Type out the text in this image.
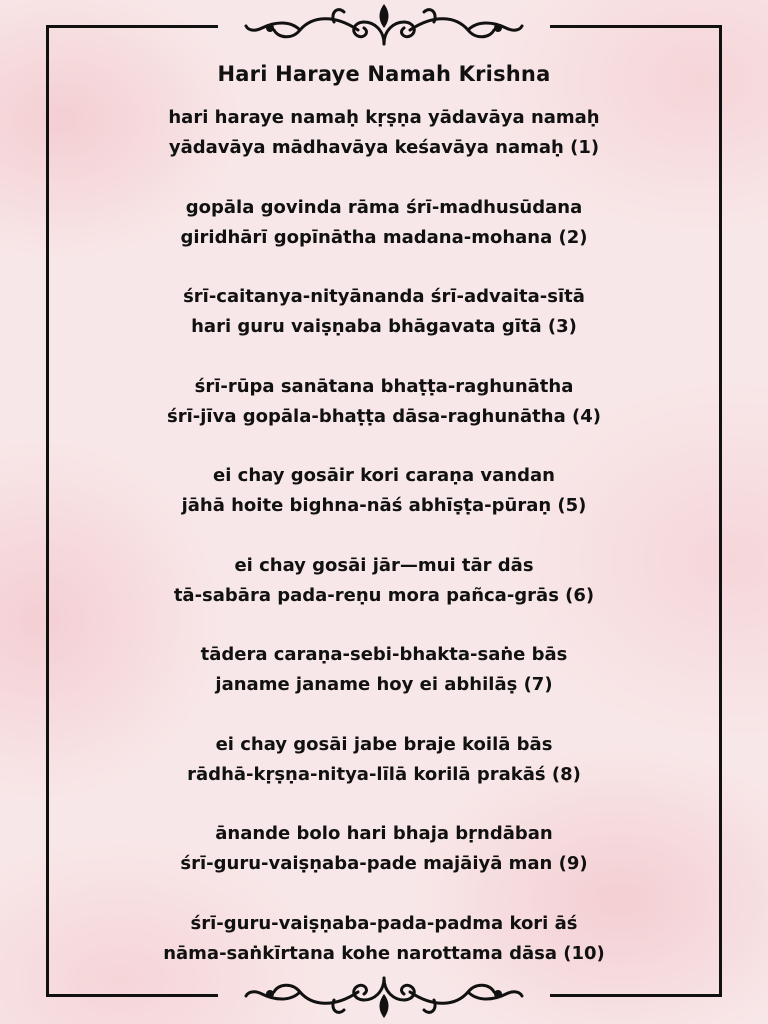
Hari Haraye Namah Krishna
hari haraye namaḥ kṛṣṇa yādavāya namaḥ
yādavāya mādhavāya keśavāya namaḥ (1)
gopāla govinda rāma śrī-madhusūdana
giridhārī gopīnātha madana-mohana (2)
śrī-caitanya-nityānanda śrī-advaita-sītā
hari guru vaiṣṇaba bhāgavata gītā (3)
śrī-rūpa sanātana bhaṭṭa-raghunātha
śrī-jīva gopāla-bhaṭṭa dāsa-raghunātha (4)
ei chay gosāir kori caraṇa vandan
jāhā hoite bighna-nāś abhīṣṭa-pūraṇ (5)
ei chay gosāi jār—mui tār dās
tā-sabāra pada-reṇu mora pañca-grās (6)
tādera caraṇa-sebi-bhakta-saṅe bās
janame janame hoy ei abhilāṣ (7)
ei chay gosāi jabe braje koilā bās
rādhā-kṛṣṇa-nitya-līlā korilā prakāś (8)
ānande bolo hari bhaja bṛndāban
śrī-guru-vaiṣṇaba-pade majāiyā man (9)
śrī-guru-vaiṣṇaba-pada-padma kori āś
nāma-saṅkīrtana kohe narottama dāsa (10)
